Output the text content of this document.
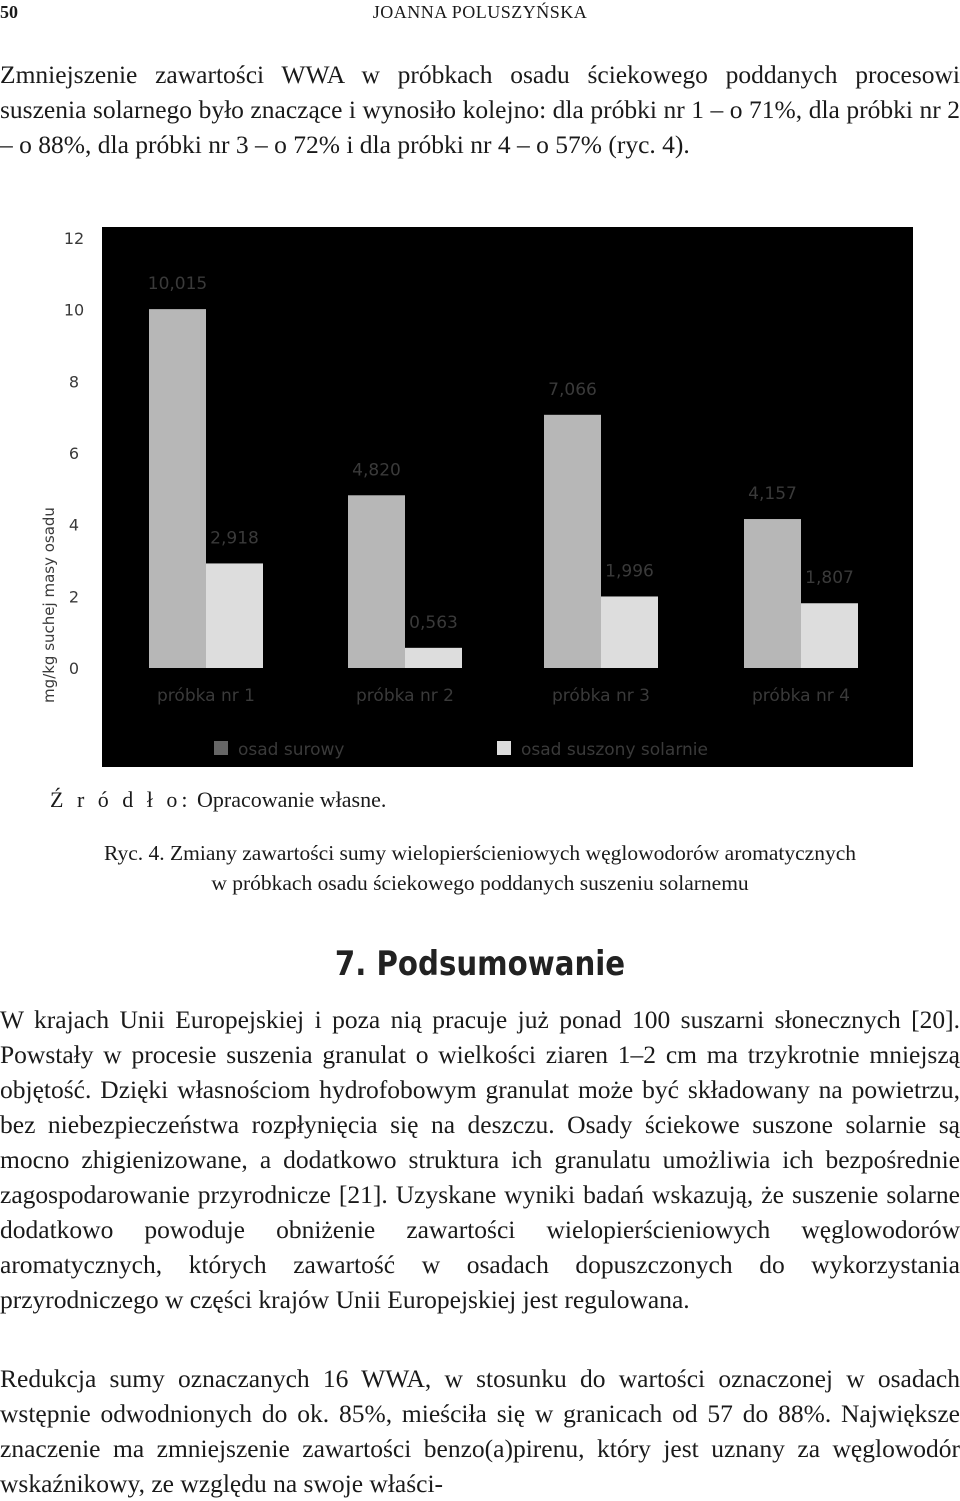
50	JOANNA POLUSZYŃSKA

Zmniejszenie zawartości WWA w próbkach osadu ściekowego poddanych procesowi suszenia solarnego było znaczące i wynosiło kolejno: dla próbki nr 1 – o 71%, dla próbki nr 2 – o 88%, dla próbki nr 3 – o 72% i dla próbki nr 4 – o 57% (ryc. 4).

mg/kg suchej masy osadu 0
2
4
6
8
10
12
10,015
2,918
4,820
0,563
7,066
1,996
4,157
1,807
próbka nr 1	próbka nr 2	próbka nr 3	próbka nr 4
osad surowy	osad suszony solarnie
Ź r ó d ł o: Opracowanie własne.
Ryc. 4. Zmiany zawartości sumy wielopierścieniowych węglowodorów aromatycznych
w próbkach osadu ściekowego poddanych suszeniu solarnemu
7. Podsumowanie

W krajach Unii Europejskiej i poza nią pracuje już ponad 100 suszarni słonecznych [20]. Powstały w procesie suszenia granulat o wielkości ziaren 1–2 cm ma trzykrotnie mniejszą objętość. Dzięki własnościom hydrofobowym granulat może być składowany na powietrzu, bez niebezpieczeństwa rozpłynięcia się na deszczu. Osady ściekowe suszone solarnie są mocno zhigienizowane, a dodatkowo struktura ich granulatu umożliwia ich bezpośrednie zagospodarowanie przyrodnicze [21]. Uzyskane wyniki badań wskazują, że suszenie solarne dodatkowo powoduje obniżenie zawartości wielopierścieniowych węglowodorów aromatycznych, których zawartość w osadach dopuszczonych do wykorzystania przyrodniczego w części krajów Unii Europejskiej jest regulowana.

Redukcja sumy oznaczanych 16 WWA, w stosunku do wartości oznaczonej w osadach wstępnie odwodnionych do ok. 85%, mieściła się w granicach od 57 do 88%. Największe znaczenie ma zmniejszenie zawartości benzo(a)pirenu, który jest uznany za węglowodór wskaźnikowy, ze względu na swoje właści-
